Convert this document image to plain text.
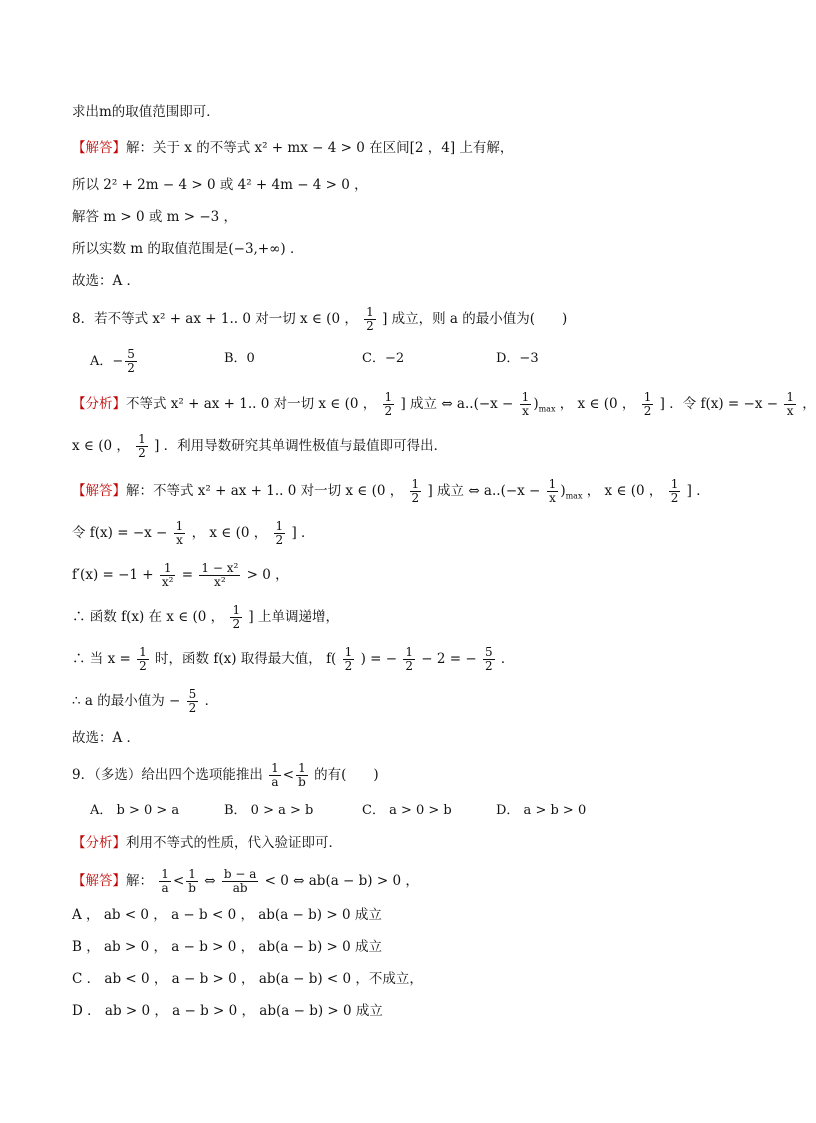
求出m的取值范围即可．
【解答】解：关于 x 的不等式 x² + mx − 4 > 0 在区间[2 ，4] 上有解，
所以 2² + 2m − 4 > 0 或 4² + 4m − 4 > 0 ，
解答 m > 0 或 m > −3 ，
所以实数 m 的取值范围是(−3,+∞) ．
故选：A ．
8．若不等式 x² + ax + 1.. 0 对一切 x ∈ (0 ， $\frac{1}{2}$ ] 成立，则 a 的最小值为(　　)
A．− $\frac{5}{2}$	B．0	C．−2	D．−3
【分析】不等式 x² + ax + 1.. 0 对一切 x ∈ (0 ， $\frac{1}{2}$ ] 成立 ⇔ $a..(-x - \frac{1}{x} )_{max}$ ， x ∈ (0 ， $\frac{1}{2}$ ] ．令 $f(x) = -x - \frac{1}{x}$ ，
x ∈ (0 ， $\frac{1}{2}$ ] ．利用导数研究其单调性极值与最值即可得出．
【解答】解：不等式 x² + ax + 1.. 0 对一切 x ∈ (0 ， $\frac{1}{2}$ ] 成立 ⇔ $a..(-x - \frac{1}{x} )_{max}$ ， x ∈ (0 ， $\frac{1}{2}$ ] ．
令 $f(x) = -x - \frac{1}{x}$ ， x ∈ (0 ， $\frac{1}{2}$ ] ．
$f'(x) = -1 + \frac{1}{\text{x²}} = \frac{\text{1 − x²}}{\text{x²}} > 0$ ，
∴ 函数 f(x) 在 x ∈ (0 ， $\frac{1}{2}$ ] 上单调递增，
∴ 当 $x = \frac{1}{2}$ 时，函数 f(x) 取得最大值， $f( \frac{1}{2}$ ) = − $\frac{1}{2} - 2$ = − $\frac{5}{2}$ ．
∴ a 的最小值为 − $\frac{5}{2}$ ．
故选：A ．
9．（多选）给出四个选项能推出 $\frac{1}{a} < \frac{1}{b}$ 的有(　　)
A． b > 0 > a	B． 0 > a > b	C． a > 0 > b	D． a > b > 0
【分析】利用不等式的性质，代入验证即可．
【解答】解： $\frac{1}{a} < \frac{1}{b}$ ⇔ $\frac{b - a}{ab} < 0$ ⇔ ab(a − b) > 0 ，
A ， ab < 0 ， a − b < 0 ， ab(a − b) > 0 成立
B ， ab > 0 ， a − b > 0 ， ab(a − b) > 0 成立
C ． ab < 0 ， a − b > 0 ， ab(a − b) < 0 ，不成立，
D ． ab > 0 ， a − b > 0 ， ab(a − b) > 0 成立
